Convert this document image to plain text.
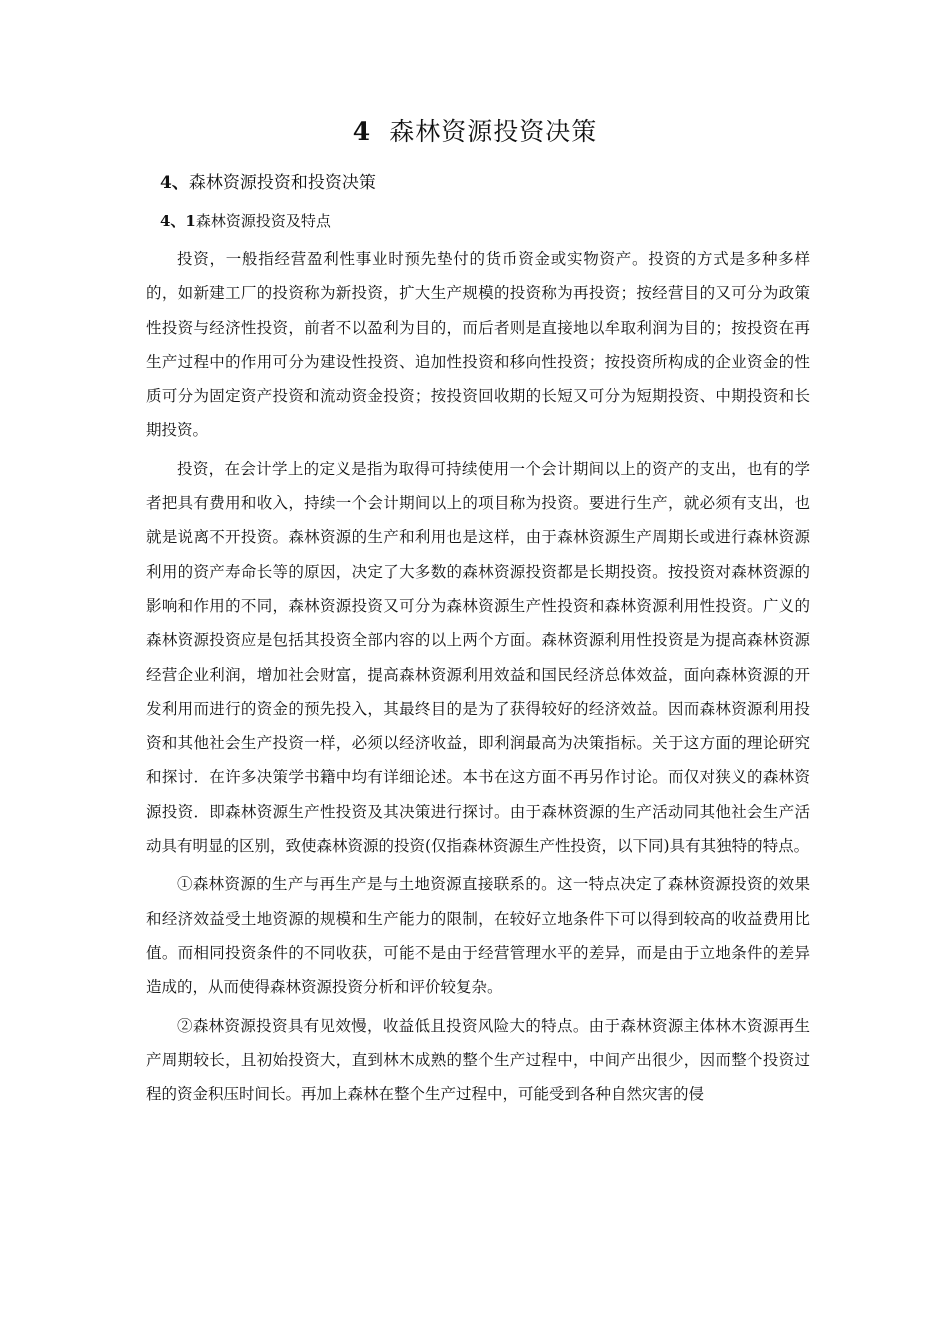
4 森林资源投资决策
4、森林资源投资和投资决策
4、1森林资源投资及特点

投资，一般指经营盈利性事业时预先垫付的货币资金或实物资产。投资的方式是多种多样的，如新建工厂的投资称为新投资，扩大生产规模的投资称为再投资；按经营目的又可分为政策性投资与经济性投资，前者不以盈利为目的，而后者则是直接地以牟取利润为目的；按投资在再生产过程中的作用可分为建设性投资、追加性投资和移向性投资；按投资所构成的企业资金的性质可分为固定资产投资和流动资金投资；按投资回收期的长短又可分为短期投资、中期投资和长期投资。

投资，在会计学上的定义是指为取得可持续使用一个会计期间以上的资产的支出，也有的学者把具有费用和收入，持续一个会计期间以上的项目称为投资。要进行生产，就必须有支出，也就是说离不开投资。森林资源的生产和利用也是这样，由于森林资源生产周期长或进行森林资源利用的资产寿命长等的原因，决定了大多数的森林资源投资都是长期投资。按投资对森林资源的影响和作用的不同，森林资源投资又可分为森林资源生产性投资和森林资源利用性投资。广义的森林资源投资应是包括其投资全部内容的以上两个方面。森林资源利用性投资是为提高森林资源经营企业利润，增加社会财富，提高森林资源利用效益和国民经济总体效益，面向森林资源的开发利用而进行的资金的预先投入，其最终目的是为了获得较好的经济效益。因而森林资源利用投资和其他社会生产投资一样，必须以经济收益，即利润最高为决策指标。关于这方面的理论研究和探讨．在许多决策学书籍中均有详细论述。本书在这方面不再另作讨论。而仅对狭义的森林资源投资．即森林资源生产性投资及其决策进行探讨。由于森林资源的生产活动同其他社会生产活动具有明显的区别，致使森林资源的投资(仅指森林资源生产性投资，以下同)具有其独特的特点。

①森林资源的生产与再生产是与土地资源直接联系的。这一特点决定了森林资源投资的效果和经济效益受土地资源的规模和生产能力的限制，在较好立地条件下可以得到较高的收益费用比值。而相同投资条件的不同收获，可能不是由于经营管理水平的差异，而是由于立地条件的差异造成的，从而使得森林资源投资分析和评价较复杂。

②森林资源投资具有见效慢，收益低且投资风险大的特点。由于森林资源主体林木资源再生产周期较长，且初始投资大，直到林木成熟的整个生产过程中，中间产出很少，因而整个投资过程的资金积压时间长。再加上森林在整个生产过程中，可能受到各种自然灾害的侵
